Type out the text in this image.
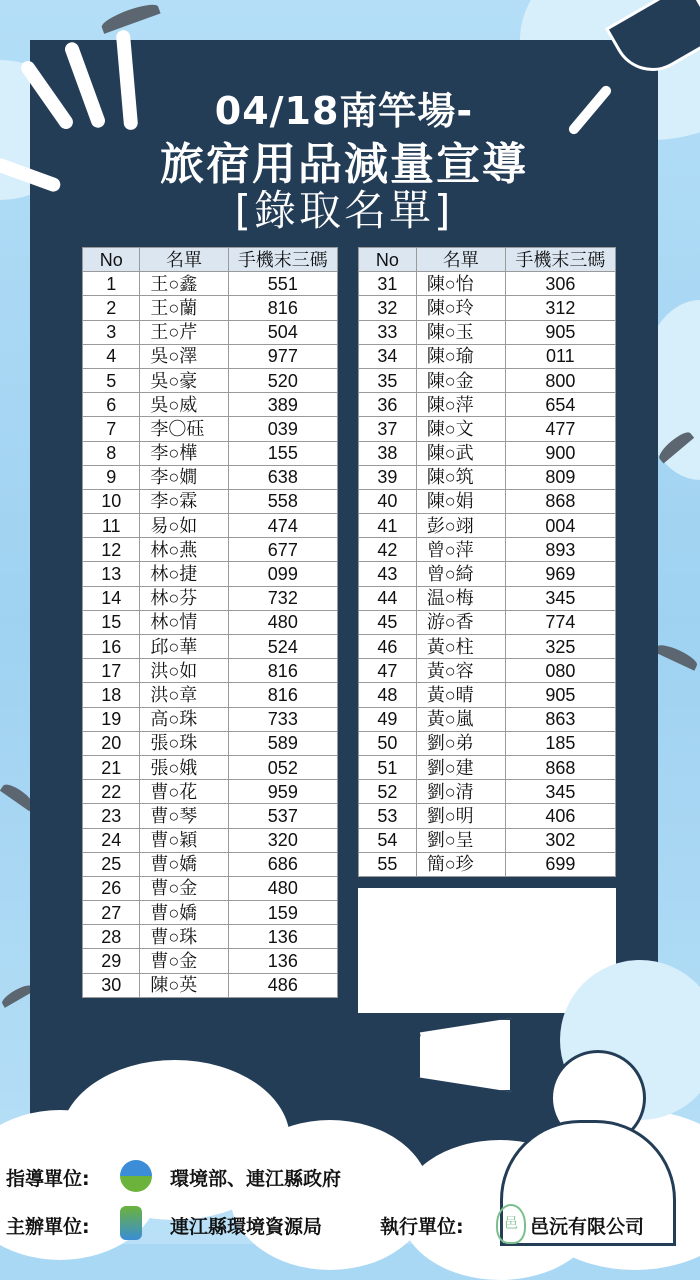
04/18南竿場-
旅宿用品減量宣導
[錄取名單]
No	名單	手機末三碼
1	王○鑫	551
2	王○蘭	816
3	王○芹	504
4	吳○澤	977
5	吳○豪	520
6	吳○威	389
7	李〇砡	039
8	李○樺	155
9	李○嫺	638
10	李○霖	558
11	易○如	474
12	林○燕	677
13	林○捷	099
14	林○芬	732
15	林○情	480
16	邱○華	524
17	洪○如	816
18	洪○章	816
19	高○珠	733
20	張○珠	589
21	張○娥	052
22	曹○花	959
23	曹○琴	537
24	曹○穎	320
25	曹○嬌	686
26	曹○金	480
27	曹○嬌	159
28	曹○珠	136
29	曹○金	136
30	陳○英	486
No	名單	手機末三碼
31	陳○怡	306
32	陳○玲	312
33	陳○玉	905
34	陳○瑜	011
35	陳○金	800
36	陳○萍	654
37	陳○文	477
38	陳○武	900
39	陳○筑	809
40	陳○娟	868
41	彭○翊	004
42	曾○萍	893
43	曾○綺	969
44	温○梅	345
45	游○香	774
46	黃○柱	325
47	黃○容	080
48	黃○晴	905
49	黃○嵐	863
50	劉○弟	185
51	劉○建	868
52	劉○清	345
53	劉○明	406
54	劉○呈	302
55	簡○珍	699
指導單位:	環境部、連江縣政府
主辦單位:	連江縣環境資源局	執行單位:	邑 邑沅有限公司
